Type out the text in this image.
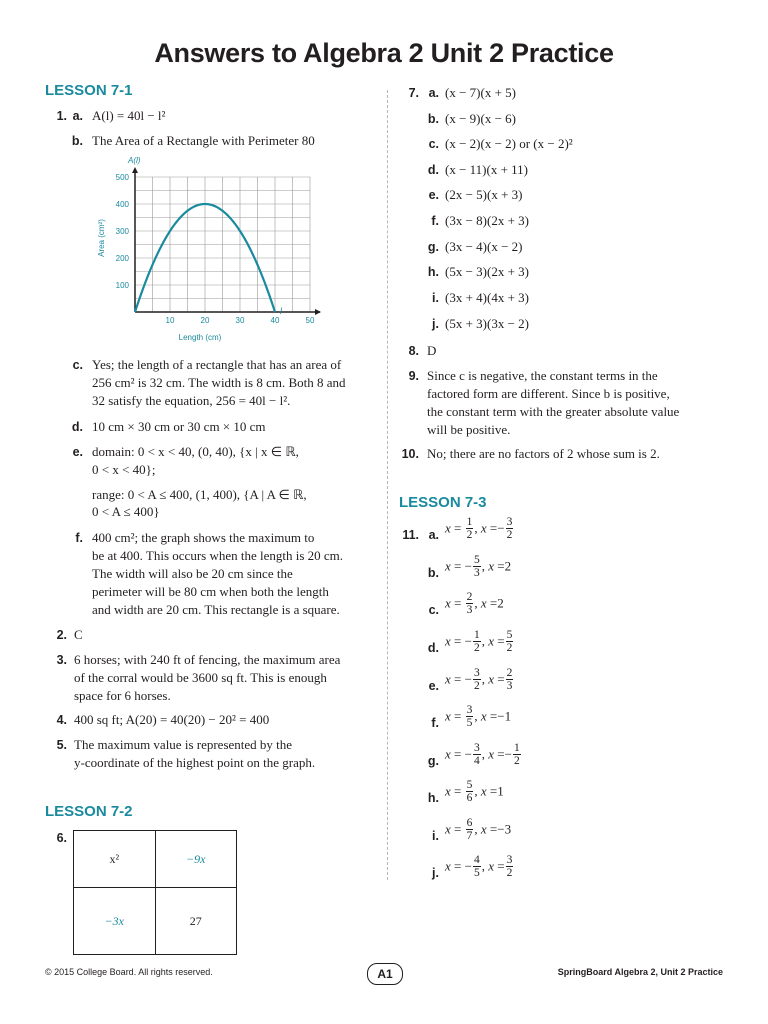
Answers to Algebra 2 Unit 2 Practice
LESSON 7-1
1. a. A(l) = 40l − l²
b. The Area of a Rectangle with Perimeter 80
10	20	30	40	50
100
200
300
400
500
A(l)
l
Length (cm)
Area (cm²)
c. Yes; the length of a rectangle that has an area of
256 cm² is 32 cm. The width is 8 cm. Both 8 and
32 satisfy the equation, 256 = 40l − l².
d. 10 cm × 30 cm or 30 cm × 10 cm
e. domain: 0 < x < 40, (0, 40), {x | x ∈ ℝ,
0 < x < 40};
range: 0 < A ≤ 400, (1, 400), {A | A ∈ ℝ,
0 < A ≤ 400}
f. 400 cm²; the graph shows the maximum to
be at 400. This occurs when the length is 20 cm.
The width will also be 20 cm since the
perimeter will be 80 cm when both the length
and width are 20 cm. This rectangle is a square.
2. C
3. 6 horses; with 240 ft of fencing, the maximum area
of the corral would be 3600 sq ft. This is enough
space for 6 horses.
4. 400 sq ft; A(20) = 40(20) − 20² = 400
5. The maximum value is represented by the
y-coordinate of the highest point on the graph.
LESSON 7-2
6.
x²	−9x
−3x	27
7. a. (x − 7)(x + 5)
b. (x − 9)(x − 6)
c. (x − 2)(x − 2) or (x − 2)²
d. (x − 11)(x + 11)
e. (2x − 5)(x + 3)
f. (3x − 8)(2x + 3)
g. (3x − 4)(x − 2)
h. (5x − 3)(2x + 3)
i. (3x + 4)(4x + 3)
j. (5x + 3)(3x − 2)
8. D
9. Since c is negative, the constant terms in the
factored form are different. Since b is positive,
the constant term with the greater absolute value
will be positive.
10. No; there are no factors of 2 whose sum is 2.
LESSON 7-3
11. a. $x = \frac{1}{2}$ , $x =- \frac{3}{2}$
b. x = − $\frac{5}{3}$ , x =2
c. $x = \frac{2}{3}$ , x =2
d. x = − $\frac{1}{2}$ , $x = \frac{5}{2}$
e. x = − $\frac{3}{2}$ , $x = \frac{2}{3}$
f. $x = \frac{3}{5}$ , x =−1
g. x = − $\frac{3}{4}$ , $x =- \frac{1}{2}$
h. $x = \frac{5}{6}$ , x =1
i. $x = \frac{6}{7}$ , x =−3
j. x = − $\frac{4}{5}$ , $x = \frac{3}{2}$
© 2015 College Board. All rights reserved.	A1	SpringBoard Algebra 2, Unit 2 Practice
